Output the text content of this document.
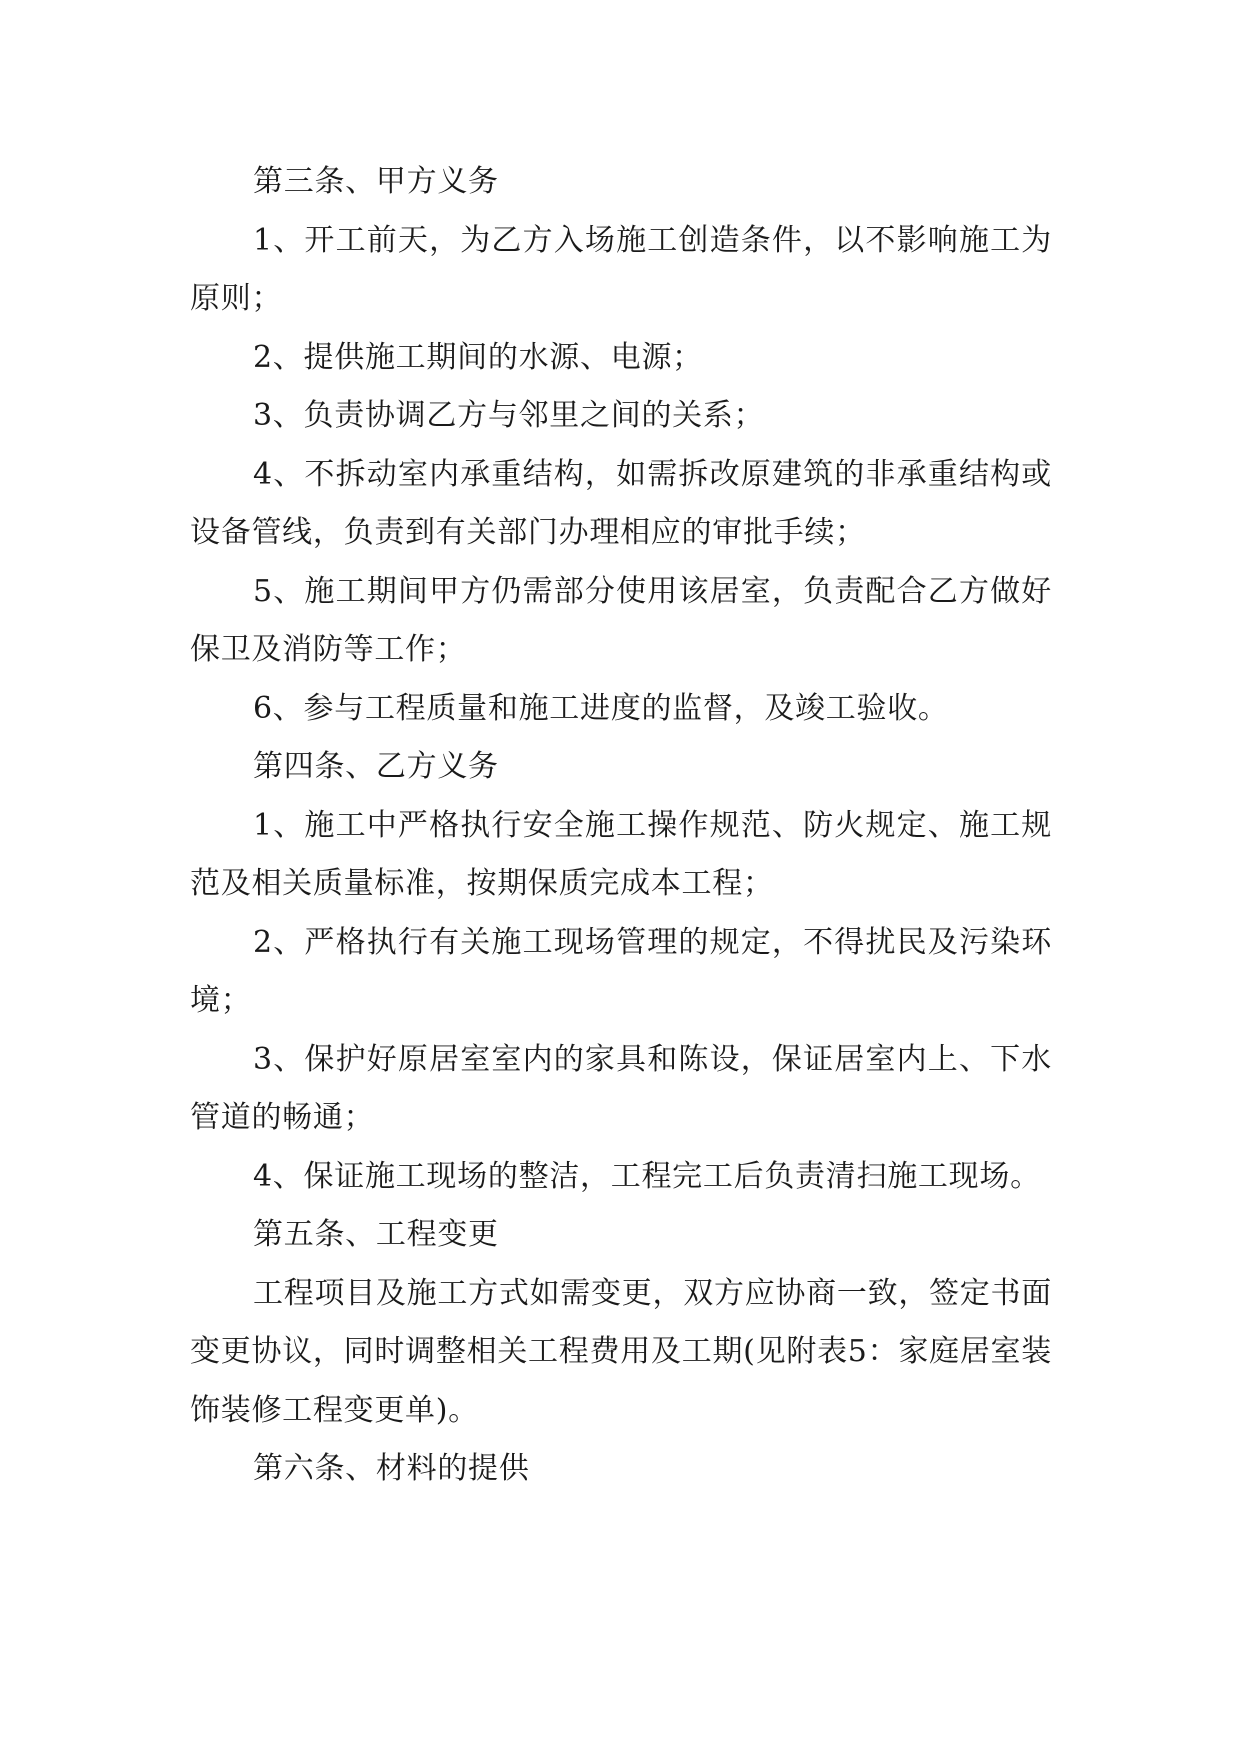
第三条、甲方义务

1、开工前天，为乙方入场施工创造条件，以不影响施工为原则；

2、提供施工期间的水源、电源；

3、负责协调乙方与邻里之间的关系；

4、不拆动室内承重结构，如需拆改原建筑的非承重结构或设备管线，负责到有关部门办理相应的审批手续；

5、施工期间甲方仍需部分使用该居室，负责配合乙方做好保卫及消防等工作；

6、参与工程质量和施工进度的监督，及竣工验收。

第四条、乙方义务

1、施工中严格执行安全施工操作规范、防火规定、施工规范及相关质量标准，按期保质完成本工程；

2、严格执行有关施工现场管理的规定，不得扰民及污染环境；

3、保护好原居室室内的家具和陈设，保证居室内上、下水管道的畅通；

4、保证施工现场的整洁，工程完工后负责清扫施工现场。

第五条、工程变更

工程项目及施工方式如需变更，双方应协商一致，签定书面变更协议，同时调整相关工程费用及工期(见附表5：家庭居室装饰装修工程变更单)。

第六条、材料的提供
